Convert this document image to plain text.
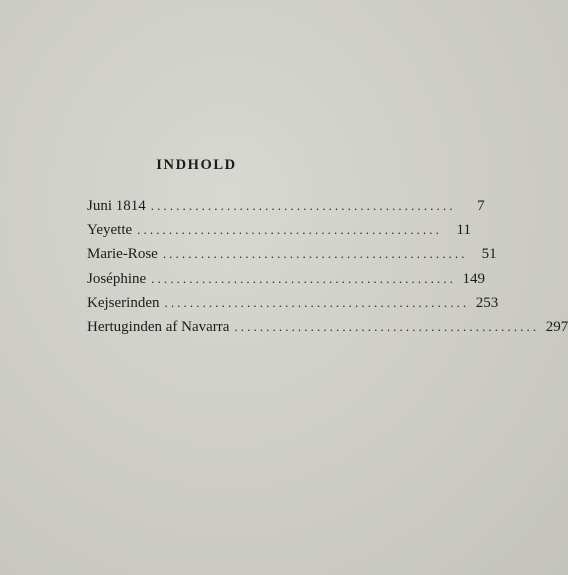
INDHOLD
Juni 1814 ................................................	7
Yeyette ................................................ 11
Marie-Rose ................................................ 51
Joséphine ................................................ 149
Kejserinden ................................................ 253
Hertuginden af Navarra ................................................ 297
